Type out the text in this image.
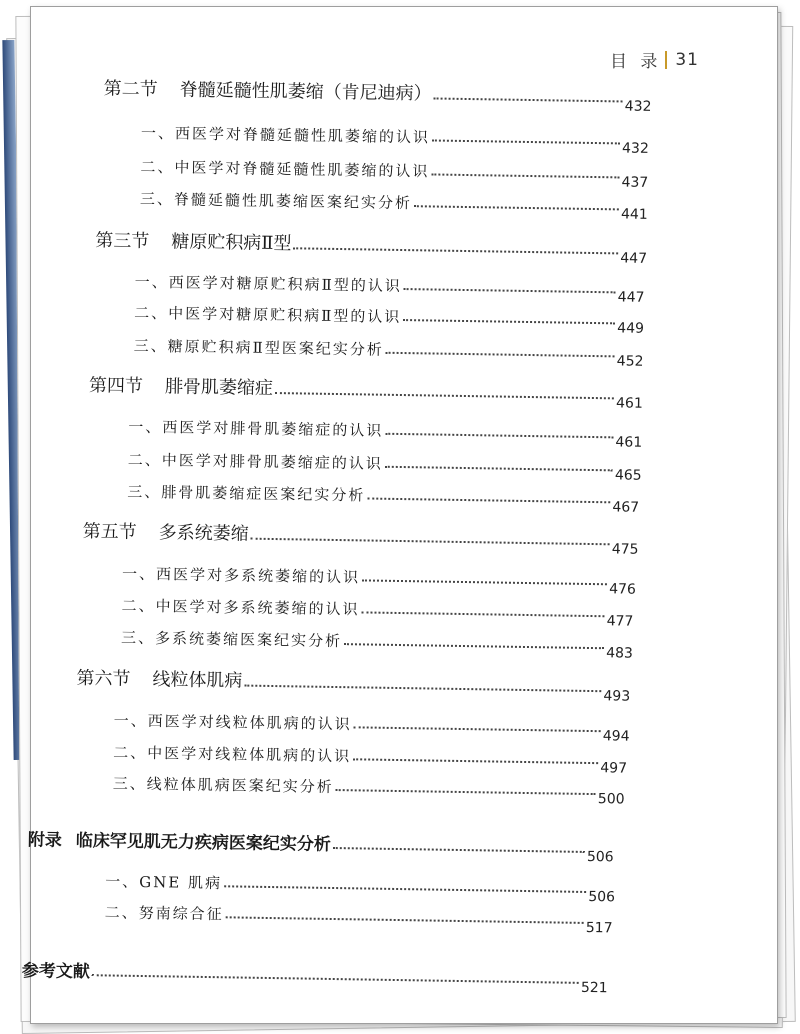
目 录 31
第二节 脊髓延髓性肌萎缩（肯尼迪病）
432
一、西医学对脊髓延髓性肌萎缩的认识
432
二、中医学对脊髓延髓性肌萎缩的认识
437
三、脊髓延髓性肌萎缩医案纪实分析
441
第三节 糖原贮积病Ⅱ型
447
一、西医学对糖原贮积病Ⅱ型的认识
447
二、中医学对糖原贮积病Ⅱ型的认识
449
三、糖原贮积病Ⅱ型医案纪实分析
452
第四节 腓骨肌萎缩症
461
一、西医学对腓骨肌萎缩症的认识
461
二、中医学对腓骨肌萎缩症的认识
465
三、腓骨肌萎缩症医案纪实分析
467
第五节 多系统萎缩
475
一、西医学对多系统萎缩的认识
476
二、中医学对多系统萎缩的认识
477
三、多系统萎缩医案纪实分析
483
第六节 线粒体肌病
493
一、西医学对线粒体肌病的认识
494
二、中医学对线粒体肌病的认识
497
三、线粒体肌病医案纪实分析
500
附录 临床罕见肌无力疾病医案纪实分析
506
一、GNE 肌病
506
二、努南综合征
517
参考文献
521
